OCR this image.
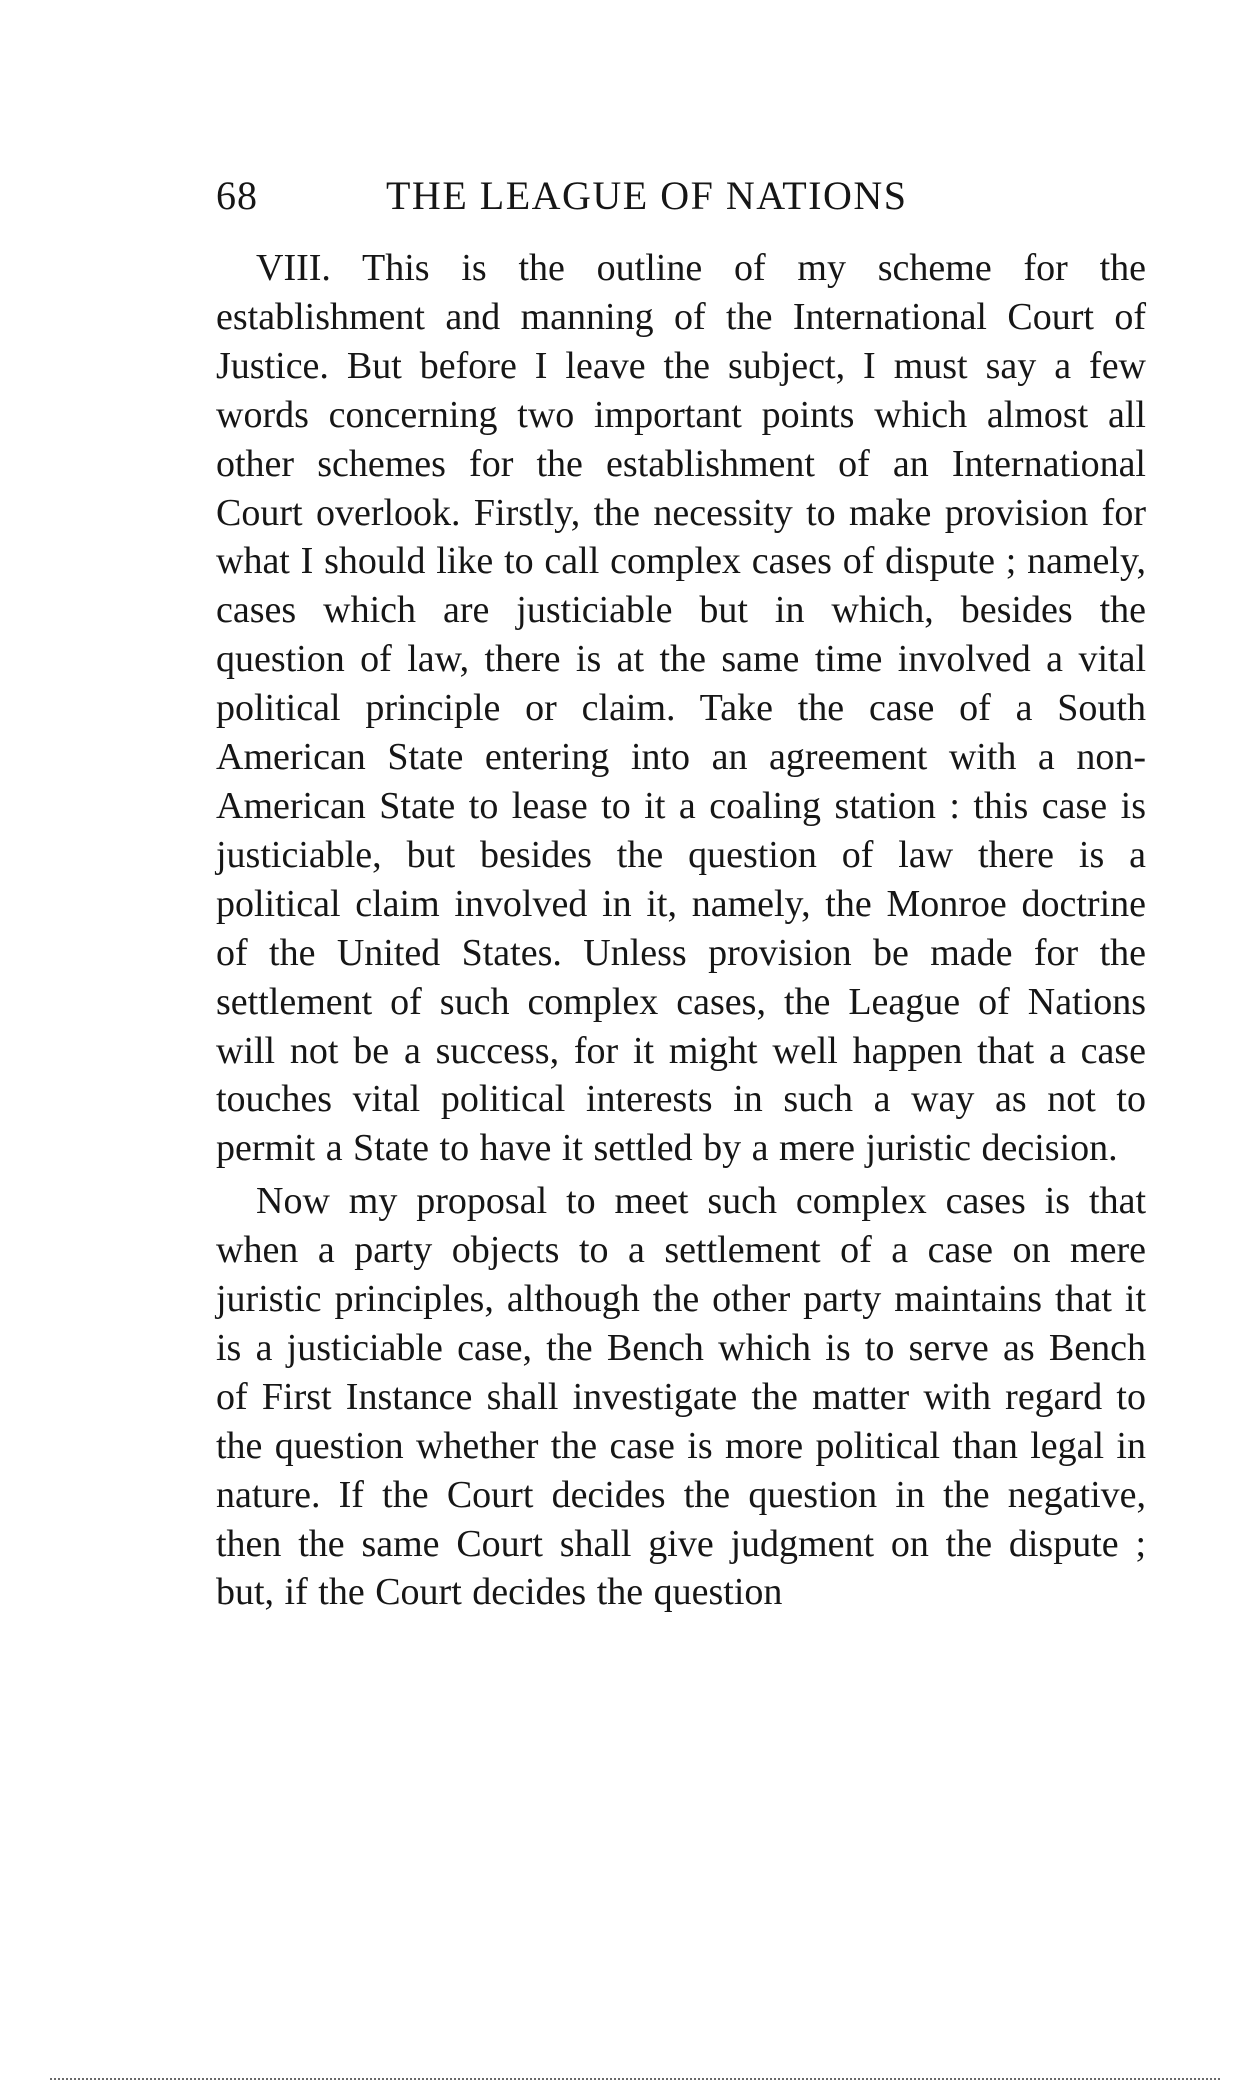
68	THE LEAGUE OF NATIONS

VIII. This is the outline of my scheme for the establishment and manning of the International Court of Justice. But before I leave the subject, I must say a few words concerning two important points which almost all other schemes for the establishment of an International Court overlook. Firstly, the necessity to make provision for what I should like to call complex cases of dispute ; namely, cases which are justiciable but in which, besides the question of law, there is at the same time involved a vital political principle or claim. Take the case of a South American State entering into an agreement with a non-American State to lease to it a coaling station : this case is justiciable, but besides the question of law there is a political claim involved in it, namely, the Monroe doctrine of the United States. Unless provision be made for the settlement of such complex cases, the League of Nations will not be a success, for it might well happen that a case touches vital political interests in such a way as not to permit a State to have it settled by a mere juristic decision.

Now my proposal to meet such complex cases is that when a party objects to a settlement of a case on mere juristic principles, although the other party maintains that it is a justiciable case, the Bench which is to serve as Bench of First Instance shall investigate the matter with regard to the question whether the case is more political than legal in nature. If the Court decides the question in the negative, then the same Court shall give judgment on the dispute ; but, if the Court decides the question
